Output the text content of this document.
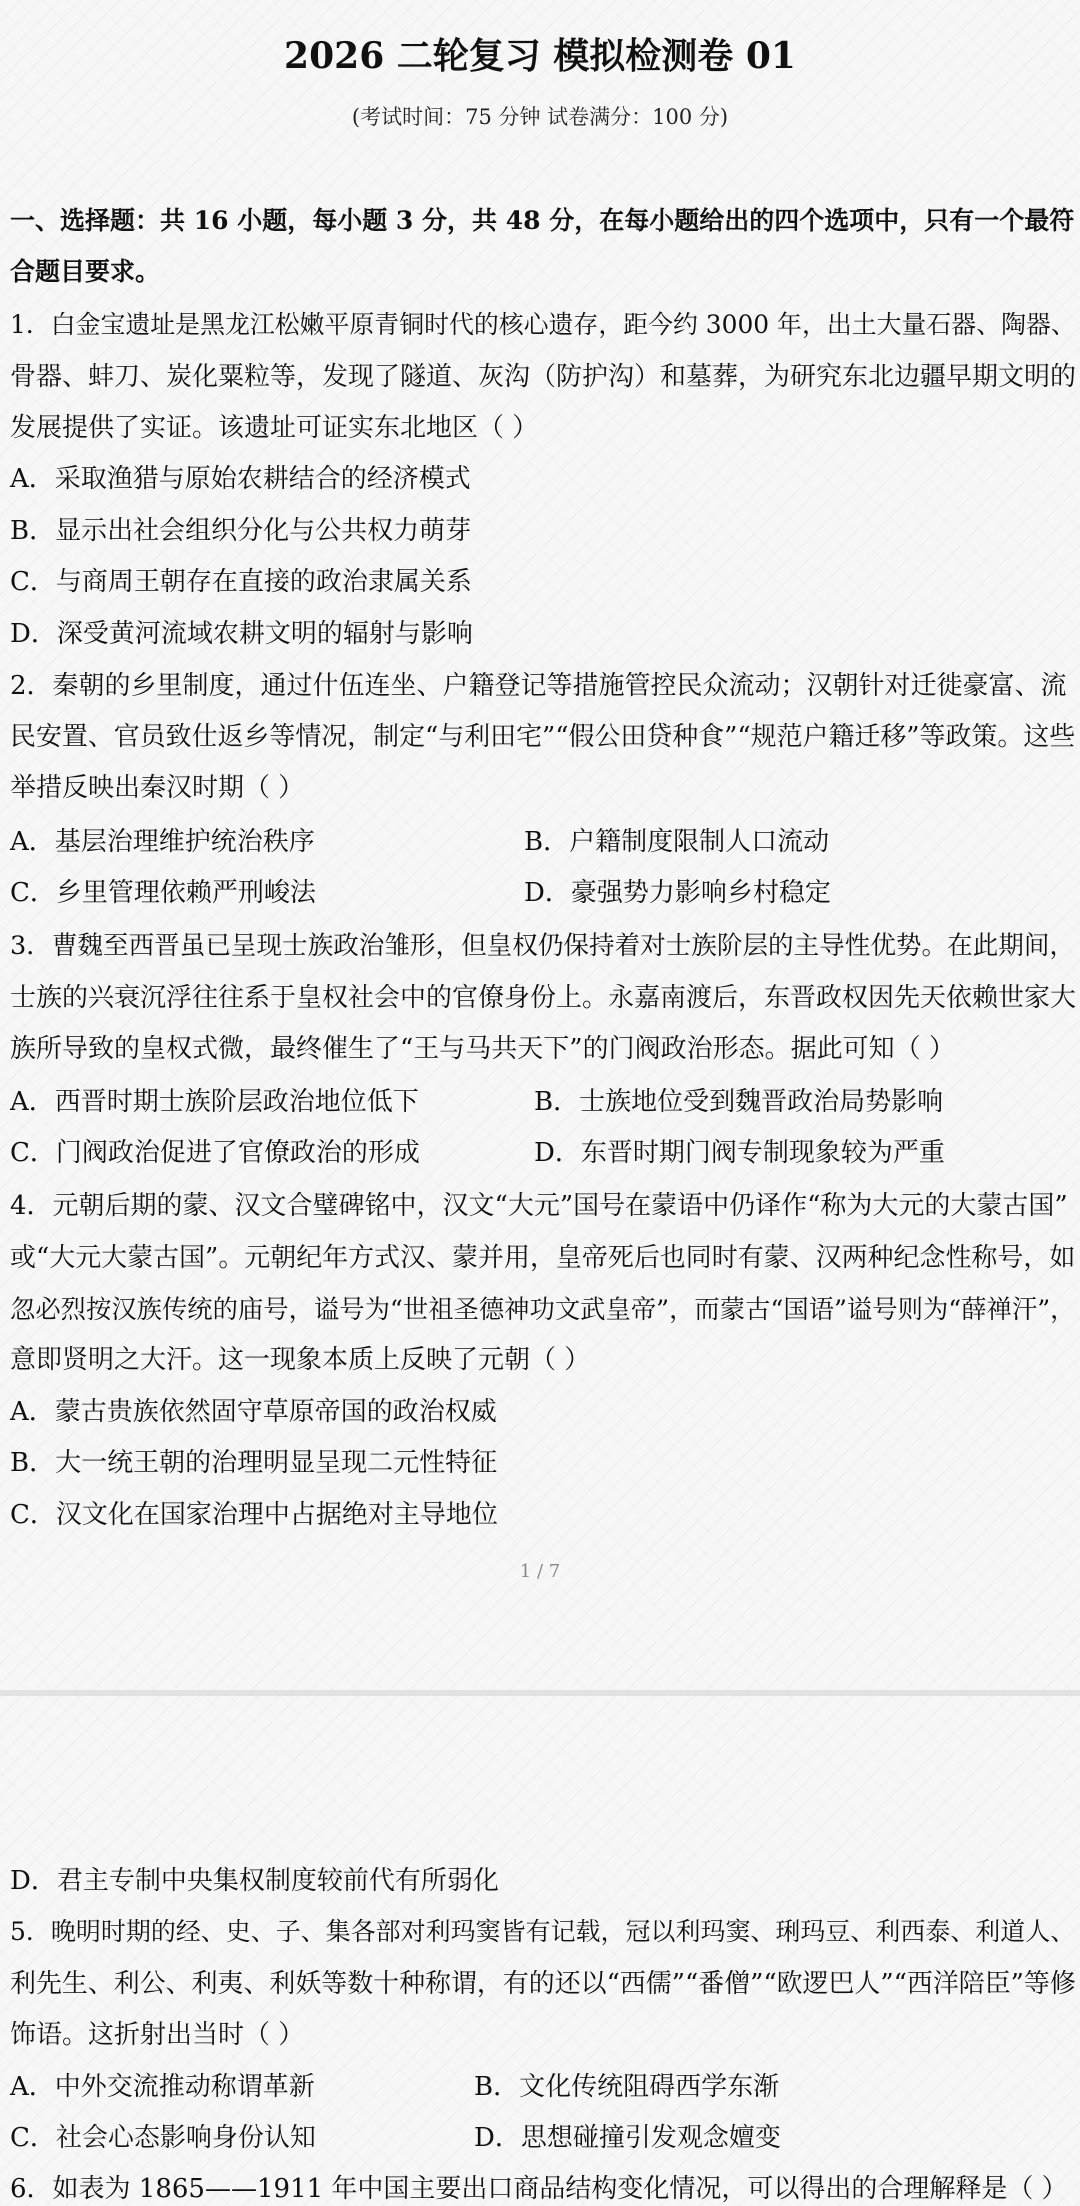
2026 二轮复习 模拟检测卷 01
(考试时间：75 分钟 试卷满分：100 分)
一、选择题：共 16 小题，每小题 3 分，共 48 分，在每小题给出的四个选项中，只有一个最符
合题目要求。
1．白金宝遗址是黑龙江松嫩平原青铜时代的核心遗存，距今约 3000 年，出土大量石器、陶器、
骨器、蚌刀、炭化粟粒等，发现了隧道、灰沟（防护沟）和墓葬，为研究东北边疆早期文明的
发展提供了实证。该遗址可证实东北地区（ ）
A．采取渔猎与原始农耕结合的经济模式
B．显示出社会组织分化与公共权力萌芽
C．与商周王朝存在直接的政治隶属关系
D．深受黄河流域农耕文明的辐射与影响
2．秦朝的乡里制度，通过什伍连坐、户籍登记等措施管控民众流动；汉朝针对迁徙豪富、流
民安置、官员致仕返乡等情况，制定“与利田宅”“假公田贷种食”“规范户籍迁移”等政策。这些
举措反映出秦汉时期（ ）
A．基层治理维护统治秩序	B．户籍制度限制人口流动
C．乡里管理依赖严刑峻法	D．豪强势力影响乡村稳定
3．曹魏至西晋虽已呈现士族政治雏形，但皇权仍保持着对士族阶层的主导性优势。在此期间，
士族的兴衰沉浮往往系于皇权社会中的官僚身份上。永嘉南渡后，东晋政权因先天依赖世家大
族所导致的皇权式微，最终催生了“王与马共天下”的门阀政治形态。据此可知（ ）
A．西晋时期士族阶层政治地位低下	B．士族地位受到魏晋政治局势影响
C．门阀政治促进了官僚政治的形成	D．东晋时期门阀专制现象较为严重
4．元朝后期的蒙、汉文合璧碑铭中，汉文“大元”国号在蒙语中仍译作“称为大元的大蒙古国”
或“大元大蒙古国”。元朝纪年方式汉、蒙并用，皇帝死后也同时有蒙、汉两种纪念性称号，如
忽必烈按汉族传统的庙号，谥号为“世祖圣德神功文武皇帝”，而蒙古“国语”谥号则为“薛禅汗”，
意即贤明之大汗。这一现象本质上反映了元朝（ ）
A．蒙古贵族依然固守草原帝国的政治权威
B．大一统王朝的治理明显呈现二元性特征
C．汉文化在国家治理中占据绝对主导地位
1 / 7
D．君主专制中央集权制度较前代有所弱化
5．晚明时期的经、史、子、集各部对利玛窦皆有记载，冠以利玛窦、琍玛豆、利西泰、利道人、
利先生、利公、利夷、利妖等数十种称谓，有的还以“西儒”“番僧”“欧逻巴人”“西洋陪臣”等修
饰语。这折射出当时（ ）
A．中外交流推动称谓革新	B．文化传统阻碍西学东渐
C．社会心态影响身份认知	D．思想碰撞引发观念嬗变
6．如表为 1865——1911 年中国主要出口商品结构变化情况，可以得出的合理解释是（ ）
